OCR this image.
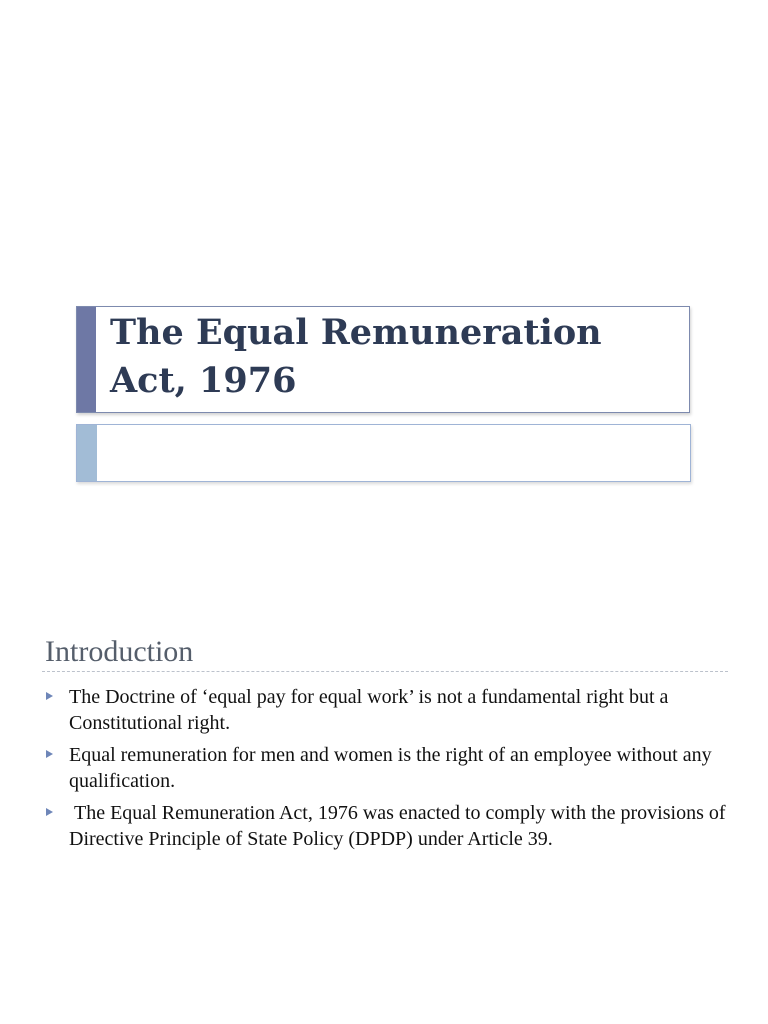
The Equal Remuneration
Act, 1976
Introduction
The Doctrine of ‘equal pay for equal work’ is not a fundamental right but a Constitutional right.
Equal remuneration for men and women is the right of an employee without any qualification.
The Equal Remuneration Act, 1976 was enacted to comply with the provisions of Directive Principle of State Policy (DPDP) under Article 39.
